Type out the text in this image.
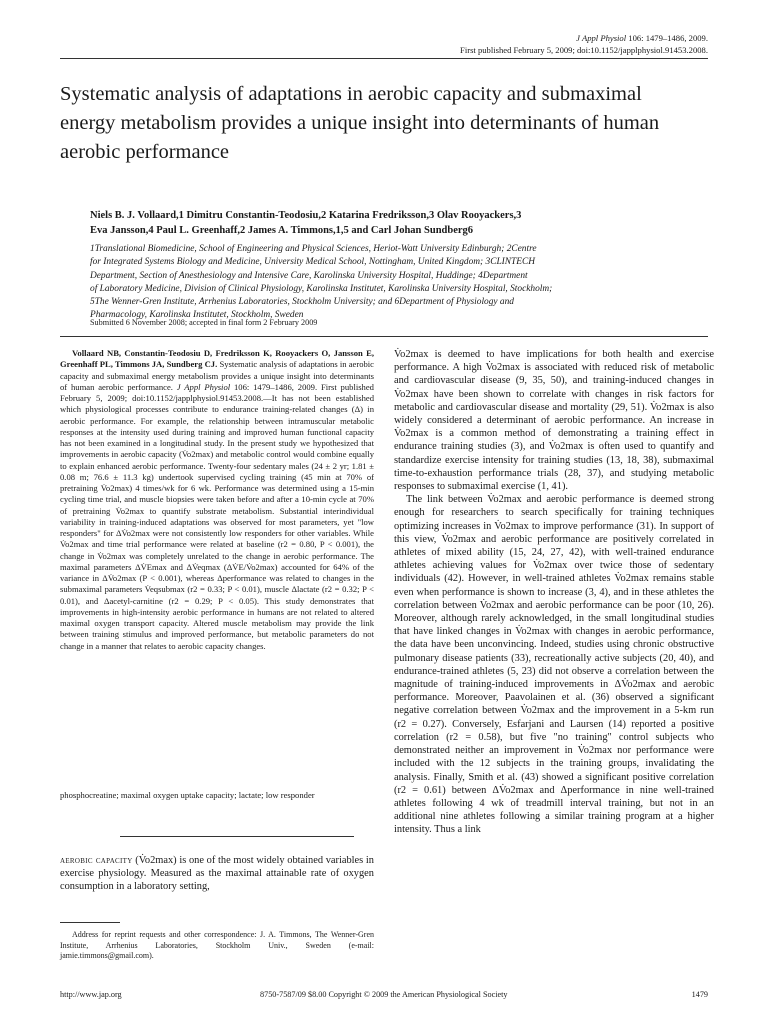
J Appl Physiol 106: 1479–1486, 2009.
First published February 5, 2009; doi:10.1152/japplphysiol.91453.2008.
Systematic analysis of adaptations in aerobic capacity and submaximal energy metabolism provides a unique insight into determinants of human aerobic performance
Niels B. J. Vollaard,1 Dimitru Constantin-Teodosiu,2 Katarina Fredriksson,3 Olav Rooyackers,3
Eva Jansson,4 Paul L. Greenhaff,2 James A. Timmons,1,5 and Carl Johan Sundberg6
1Translational Biomedicine, School of Engineering and Physical Sciences, Heriot-Watt University Edinburgh; 2Centre
for Integrated Systems Biology and Medicine, University Medical School, Nottingham, United Kingdom; 3CLINTECH
Department, Section of Anesthesiology and Intensive Care, Karolinska University Hospital, Huddinge; 4Department
of Laboratory Medicine, Division of Clinical Physiology, Karolinska Institutet, Karolinska University Hospital, Stockholm;
5The Wenner-Gren Institute, Arrhenius Laboratories, Stockholm University; and 6Department of Physiology and
Pharmacology, Karolinska Institutet, Stockholm, Sweden
Submitted 6 November 2008; accepted in final form 2 February 2009

Vollaard NB, Constantin-Teodosiu D, Fredriksson K, Rooyackers O, Jansson E, Greenhaff PL, Timmons JA, Sundberg CJ. Systematic analysis of adaptations in aerobic capacity and submaximal energy metabolism provides a unique insight into determinants of human aerobic performance. J Appl Physiol 106: 1479–1486, 2009. First published February 5, 2009; doi:10.1152/japplphysiol.91453.2008.—It has not been established which physiological processes contribute to endurance training-related changes (Δ) in aerobic performance. For example, the relationship between intramuscular metabolic responses at the intensity used during training and improved human functional capacity has not been examined in a longitudinal study. In the present study we hypothesized that improvements in aerobic capacity (V̇o2max) and metabolic control would combine equally to explain enhanced aerobic performance. Twenty-four sedentary males (24 ± 2 yr; 1.81 ± 0.08 m; 76.6 ± 11.3 kg) undertook supervised cycling training (45 min at 70% of pretraining V̇o2max) 4 times/wk for 6 wk. Performance was determined using a 15-min cycling time trial, and muscle biopsies were taken before and after a 10-min cycle at 70% of pretraining V̇o2max to quantify substrate metabolism. Substantial interindividual variability in training-induced adaptations was observed for most parameters, yet "low responders" for ΔV̇o2max were not consistently low responders for other variables. While V̇o2max and time trial performance were related at baseline (r2 = 0.80, P < 0.001), the change in V̇o2max was completely unrelated to the change in aerobic performance. The maximal parameters ΔV̇Emax and ΔV̇eqmax (ΔV̇E/V̇o2max) accounted for 64% of the variance in ΔV̇o2max (P < 0.001), whereas Δperformance was related to changes in the submaximal parameters V̇eqsubmax (r2 = 0.33; P < 0.01), muscle Δlactate (r2 = 0.32; P < 0.01), and Δacetyl-carnitine (r2 = 0.29; P < 0.05). This study demonstrates that improvements in high-intensity aerobic performance in humans are not related to altered maximal oxygen transport capacity. Altered muscle metabolism may provide the link between training stimulus and improved performance, but metabolic parameters do not change in a manner that relates to aerobic capacity changes.

phosphocreatine; maximal oxygen uptake capacity; lactate; low responder

aerobic capacity (V̇o2max) is one of the most widely obtained variables in exercise physiology. Measured as the maximal attainable rate of oxygen consumption in a laboratory setting,

Address for reprint requests and other correspondence: J. A. Timmons, The Wenner-Gren Institute, Arrhenius Laboratories, Stockholm Univ., Sweden (e-mail: jamie.timmons@gmail.com).

V̇o2max is deemed to have implications for both health and exercise performance. A high V̇o2max is associated with reduced risk of metabolic and cardiovascular disease (9, 35, 50), and training-induced changes in V̇o2max have been shown to correlate with changes in risk factors for metabolic and cardiovascular disease and mortality (29, 51). V̇o2max is also widely considered a determinant of aerobic performance. An increase in V̇o2max is a common method of demonstrating a training effect in endurance training studies (3), and V̇o2max is often used to quantify and standardize exercise intensity for training studies (13, 18, 38), submaximal time-to-exhaustion performance trials (28, 37), and studying metabolic responses to submaximal exercise (1, 41).

The link between V̇o2max and aerobic performance is deemed strong enough for researchers to search specifically for training techniques optimizing increases in V̇o2max to improve performance (31). In support of this view, V̇o2max and aerobic performance are positively correlated in athletes of mixed ability (15, 24, 27, 42), with well-trained endurance athletes achieving values for V̇o2max over twice those of sedentary individuals (42). However, in well-trained athletes V̇o2max remains stable even when performance is shown to increase (3, 4), and in these athletes the correlation between V̇o2max and aerobic performance can be poor (10, 26). Moreover, although rarely acknowledged, in the small longitudinal studies that have linked changes in V̇o2max with changes in aerobic performance, the data have been unconvincing. Indeed, studies using chronic obstructive pulmonary disease patients (33), recreationally active subjects (20, 40), and endurance-trained athletes (5, 23) did not observe a correlation between the magnitude of training-induced improvements in ΔV̇o2max and aerobic performance. Moreover, Paavolainen et al. (36) observed a significant negative correlation between V̇o2max and the improvement in a 5-km run (r2 = 0.27). Conversely, Esfarjani and Laursen (14) reported a positive correlation (r2 = 0.58), but five "no training" control subjects who demonstrated neither an improvement in V̇o2max nor performance were included with the 12 subjects in the training groups, invalidating the analysis. Finally, Smith et al. (43) showed a significant positive correlation (r2 = 0.61) between ΔV̇o2max and Δperformance in nine well-trained athletes following 4 wk of treadmill interval training, but not in an additional nine athletes following a similar training program at a higher intensity. Thus a link

http://www.jap.org	8750-7587/09 $8.00 Copyright © 2009 the American Physiological Society	1479
